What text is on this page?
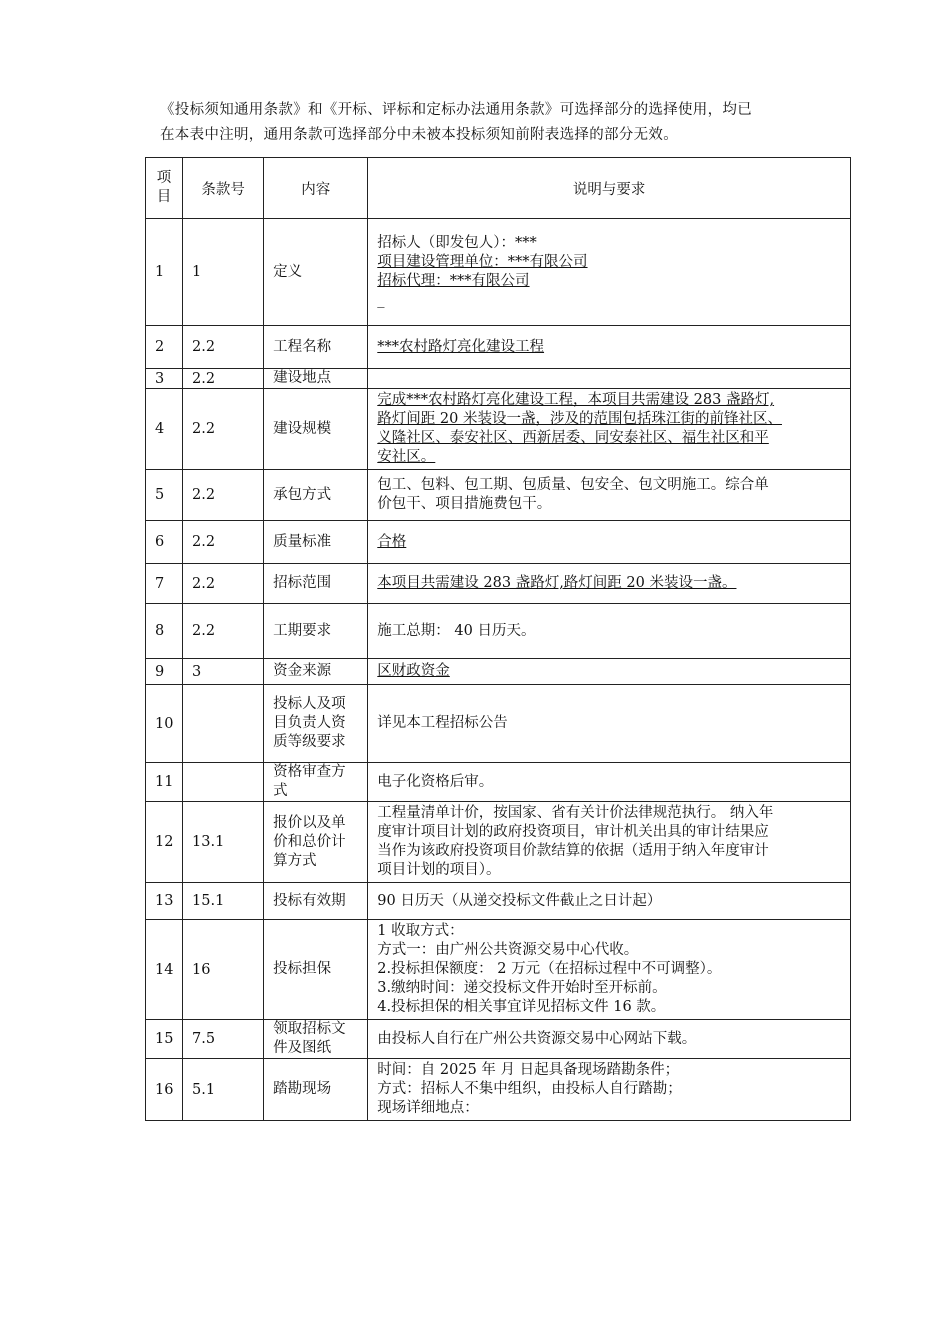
《投标须知通用条款》和《开标、评标和定标办法通用条款》可选择部分的选择使用，均已
在本表中注明，通用条款可选择部分中未被本投标须知前附表选择的部分无效。
项
目	条款号	内容	说明与要求
1	1	定义	招标人（即发包人）：***
项目建设管理单位：***有限公司
招标代理：***有限公司
_

2	2.2	工程名称	***农村路灯亮化建设工程

3	2.2	建设地点	
4	2.2	建设规模	完成***农村路灯亮化建设工程，本项目共需建设 283 盏路灯,
路灯间距 20 米装设一盏，涉及的范围包括珠江街的前锋社区、
义隆社区、泰安社区、西新居委、同安泰社区、福生社区和平
安社区。

5	2.2	承包方式	包工、包料、包工期、包质量、包安全、包文明施工。综合单
价包干、项目措施费包干。

6	2.2	质量标准	合格

7	2.2	招标范围	本项目共需建设 283 盏路灯,路灯间距 20 米装设一盏。

8	2.2	工期要求	施工总期： 40 日历天。

9	3	资金来源	区财政资金

10		投标人及项
目负责人资
质等级要求	详见本工程招标公告

11		资格审查方
式	电子化资格后审。

12	13.1	报价以及单
价和总价计
算方式	工程量清单计价，按国家、省有关计价法律规范执行。 纳入年
度审计项目计划的政府投资项目，审计机关出具的审计结果应
当作为该政府投资项目价款结算的依据（适用于纳入年度审计
项目计划的项目）。

13	15.1	投标有效期	90 日历天（从递交投标文件截止之日计起）

14	16	投标担保	1 收取方式：
方式一：由广州公共资源交易中心代收。
2.投标担保额度： 2 万元（在招标过程中不可调整）。
3.缴纳时间：递交投标文件开始时至开标前。
4.投标担保的相关事宜详见招标文件 16 款。

15	7.5	领取招标文
件及图纸	由投标人自行在广州公共资源交易中心网站下载。

16	5.1	踏勘现场	时间：自 2025 年 月 日起具备现场踏勘条件；
方式：招标人不集中组织，由投标人自行踏勘；
现场详细地点：
